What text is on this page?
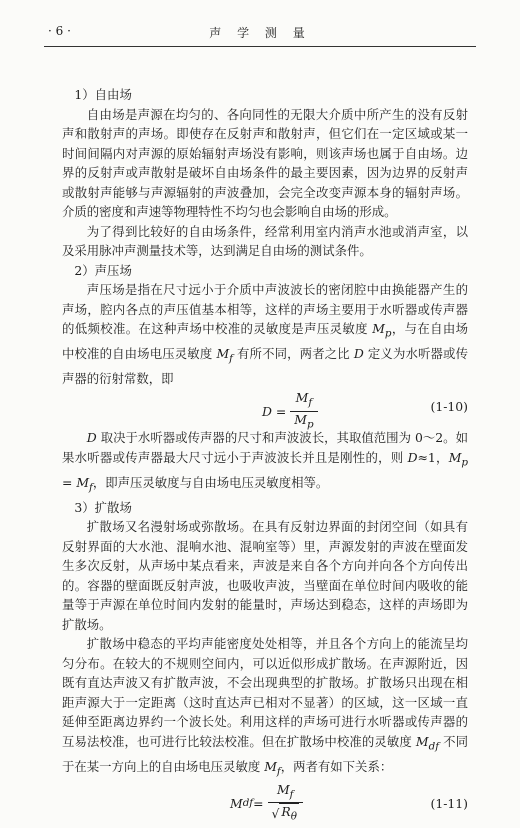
· 6 ·	声 学 测 量

1）自由场

自由场是声源在均匀的、各向同性的无限大介质中所产生的没有反射声和散射声的声场。即使存在反射声和散射声，但它们在一定区域或某一时间间隔内对声源的原始辐射声场没有影响，则该声场也属于自由场。边界的反射声或声散射是破坏自由场条件的最主要因素，因为边界的反射声或散射声能够与声源辐射的声波叠加，会完全改变声源本身的辐射声场。介质的密度和声速等物理特性不均匀也会影响自由场的形成。

为了得到比较好的自由场条件，经常利用室内消声水池或消声室，以及采用脉冲声测量技术等，达到满足自由场的测试条件。

2）声压场

声压场是指在尺寸远小于介质中声波波长的密闭腔中由换能器产生的声场，腔内各点的声压值基本相等，这样的声场主要用于水听器或传声器的低频校准。在这种声场中校准的灵敏度是声压灵敏度 $M_p$，与在自由场中校准的自由场电压灵敏度 $M_f$ 有所不同，两者之比 D 定义为水听器或传声器的衍射常数，即

$D = \frac{M_f}{M_p}$	(1-10)

D 取决于水听器或传声器的尺寸和声波波长，其取值范围为 0～2。如果水听器或传声器最大尺寸远小于声波波长并且是刚性的，则 D≈1，$M_p = M_f$，即声压灵敏度与自由场电压灵敏度相等。

3）扩散场

扩散场又名漫射场或弥散场。在具有反射边界面的封闭空间（如具有反射界面的大水池、混响水池、混响室等）里，声源发射的声波在壁面发生多次反射，从声场中某点看来，声波是来自各个方向并向各个方向传出的。容器的壁面既反射声波，也吸收声波，当壁面在单位时间内吸收的能量等于声源在单位时间内发射的能量时，声场达到稳态，这样的声场即为扩散场。

扩散场中稳态的平均声能密度处处相等，并且各个方向上的能流呈均匀分布。在较大的不规则空间内，可以近似形成扩散场。在声源附近，因既有直达声波又有扩散声波，不会出现典型的扩散场。扩散场只出现在相距声源大于一定距离（这时直达声已相对不显著）的区域，这一区域一直延伸至距离边界约一个波长处。利用这样的声场可进行水听器或传声器的互易法校准，也可进行比较法校准。但在扩散场中校准的灵敏度 $M_{df}$ 不同于在某一方向上的自由场电压灵敏度 $M_f$，两者有如下关系：

M df = $\frac{M_f}{√ R_\theta}$	(1-11)
